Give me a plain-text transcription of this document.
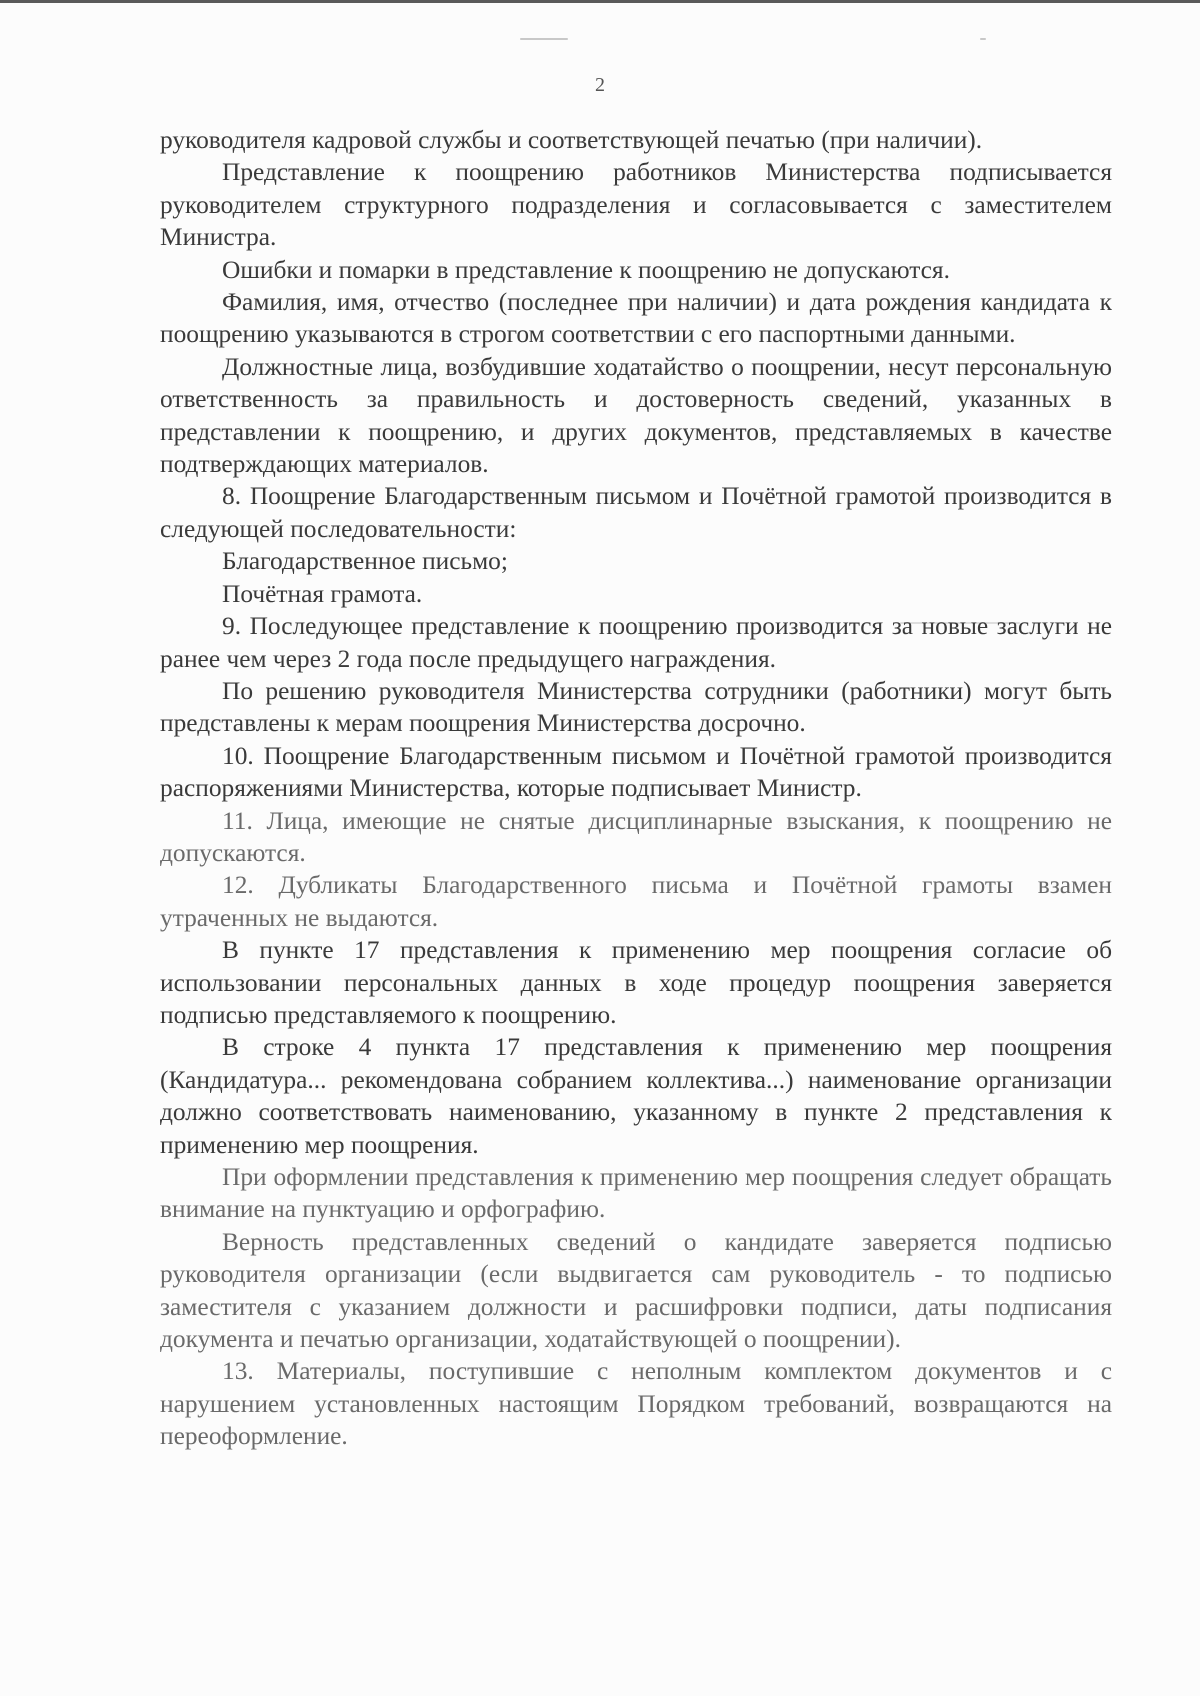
2

руководителя кадровой службы и соответствующей печатью (при наличии).

Представление к поощрению работников Министерства подписывается руководителем структурного подразделения и согласовывается с заместителем Министра.

Ошибки и помарки в представление к поощрению не допускаются.

Фамилия, имя, отчество (последнее при наличии) и дата рождения кандидата к поощрению указываются в строгом соответствии с его паспортными данными.

Должностные лица, возбудившие ходатайство о поощрении, несут персональную ответственность за правильность и достоверность сведений, указанных в представлении к поощрению, и других документов, представляемых в качестве подтверждающих материалов.

8. Поощрение Благодарственным письмом и Почётной грамотой производится в следующей последовательности:

Благодарственное письмо;

Почётная грамота.

9. Последующее представление к поощрению производится за новые заслуги не ранее чем через 2 года после предыдущего награждения.

По решению руководителя Министерства сотрудники (работники) могут быть представлены к мерам поощрения Министерства досрочно.

10. Поощрение Благодарственным письмом и Почётной грамотой производится распоряжениями Министерства, которые подписывает Министр.

11. Лица, имеющие не снятые дисциплинарные взыскания, к поощрению не допускаются.

12. Дубликаты Благодарственного письма и Почётной грамоты взамен утраченных не выдаются.

В пункте 17 представления к применению мер поощрения согласие об использовании персональных данных в ходе процедур поощрения заверяется подписью представляемого к поощрению.

В строке 4 пункта 17 представления к применению мер поощрения (Кандидатура... рекомендована собранием коллектива...) наименование организации должно соответствовать наименованию, указанному в пункте 2 представления к применению мер поощрения.

При оформлении представления к применению мер поощрения следует обращать внимание на пунктуацию и орфографию.

Верность представленных сведений о кандидате заверяется подписью руководителя организации (если выдвигается сам руководитель - то подписью заместителя с указанием должности и расшифровки подписи, даты подписания документа и печатью организации, ходатайствующей о поощрении).

13. Материалы, поступившие с неполным комплектом документов и с нарушением установленных настоящим Порядком требований, возвращаются на переоформление.
